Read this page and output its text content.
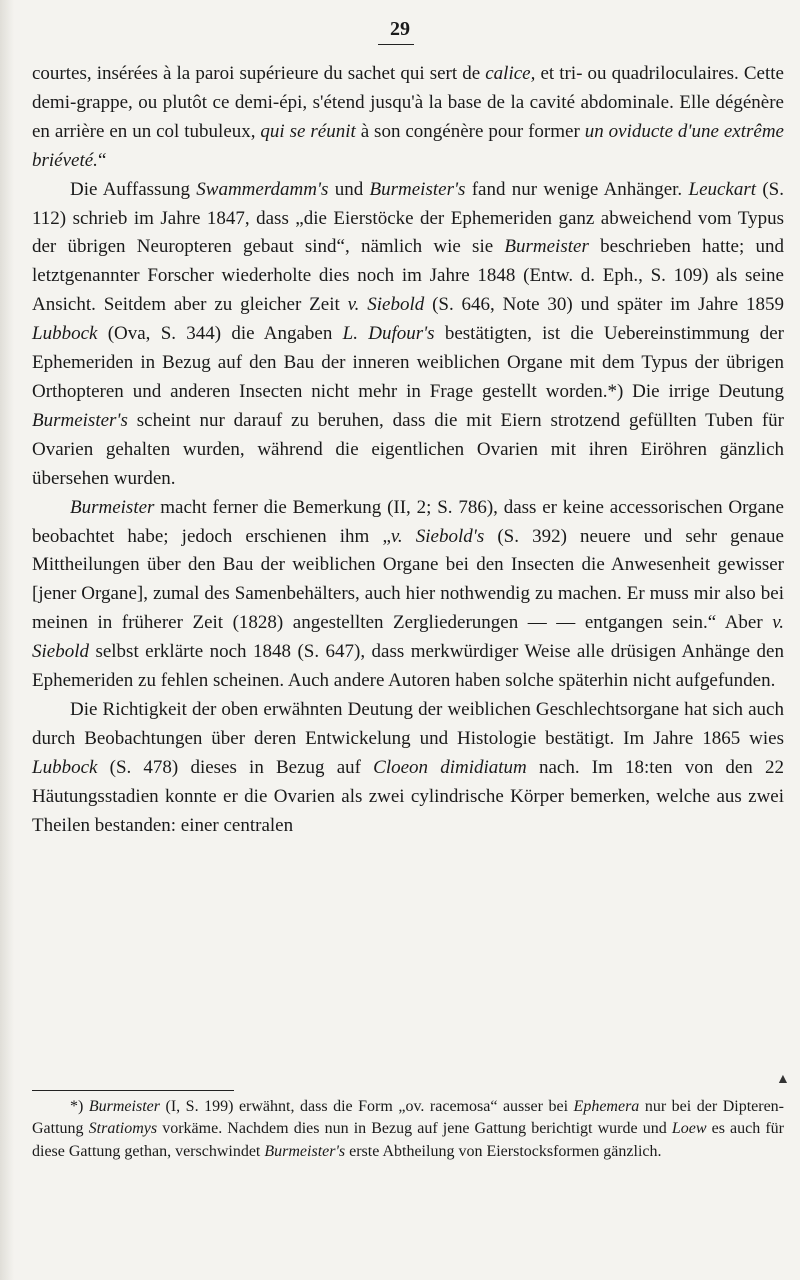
29

courtes, insérées à la paroi supérieure du sachet qui sert de calice, et tri- ou quadriloculaires. Cette demi-grappe, ou plutôt ce demi-épi, s'étend jusqu'à la base de la cavité abdominale. Elle dégénère en arrière en un col tubuleux, qui se réunit à son congénère pour former un oviducte d'une extrême briéveté.“

Die Auffassung Swammerdamm's und Burmeister's fand nur wenige Anhänger. Leuckart (S. 112) schrieb im Jahre 1847, dass „die Eierstöcke der Ephemeriden ganz abweichend vom Typus der übrigen Neuropteren gebaut sind“, nämlich wie sie Burmeister beschrieben hatte; und letztgenannter Forscher wiederholte dies noch im Jahre 1848 (Entw. d. Eph., S. 109) als seine Ansicht. Seitdem aber zu gleicher Zeit v. Siebold (S. 646, Note 30) und später im Jahre 1859 Lubbock (Ova, S. 344) die Angaben L. Dufour's bestätigten, ist die Uebereinstimmung der Ephemeriden in Bezug auf den Bau der inneren weiblichen Organe mit dem Typus der übrigen Orthopteren und anderen Insecten nicht mehr in Frage gestellt worden.*) Die irrige Deutung Burmeister's scheint nur darauf zu beruhen, dass die mit Eiern strotzend gefüllten Tuben für Ovarien gehalten wurden, während die eigentlichen Ovarien mit ihren Eiröhren gänzlich übersehen wurden.

Burmeister macht ferner die Bemerkung (II, 2; S. 786), dass er keine accessorischen Organe beobachtet habe; jedoch erschienen ihm „v. Siebold's (S. 392) neuere und sehr genaue Mittheilungen über den Bau der weiblichen Organe bei den Insecten die Anwesenheit gewisser [jener Organe], zumal des Samenbehälters, auch hier nothwendig zu machen. Er muss mir also bei meinen in früherer Zeit (1828) angestellten Zergliederungen — — entgangen sein.“ Aber v. Siebold selbst erklärte noch 1848 (S. 647), dass merkwürdiger Weise alle drüsigen Anhänge den Ephemeriden zu fehlen scheinen. Auch andere Autoren haben solche späterhin nicht aufgefunden.

Die Richtigkeit der oben erwähnten Deutung der weiblichen Geschlechtsorgane hat sich auch durch Beobachtungen über deren Entwickelung und Histologie bestätigt. Im Jahre 1865 wies Lubbock (S. 478) dieses in Bezug auf Cloeon dimidiatum nach. Im 18:ten von den 22 Häutungsstadien konnte er die Ovarien als zwei cylindrische Körper bemerken, welche aus zwei Theilen bestanden: einer centralen

▲

*) Burmeister (I, S. 199) erwähnt, dass die Form „ov. racemosa“ ausser bei Ephemera nur bei der Dipteren-Gattung Stratiomys vorkäme. Nachdem dies nun in Bezug auf jene Gattung berichtigt wurde und Loew es auch für diese Gattung gethan, verschwindet Burmeister's erste Abtheilung von Eierstocksformen gänzlich.
